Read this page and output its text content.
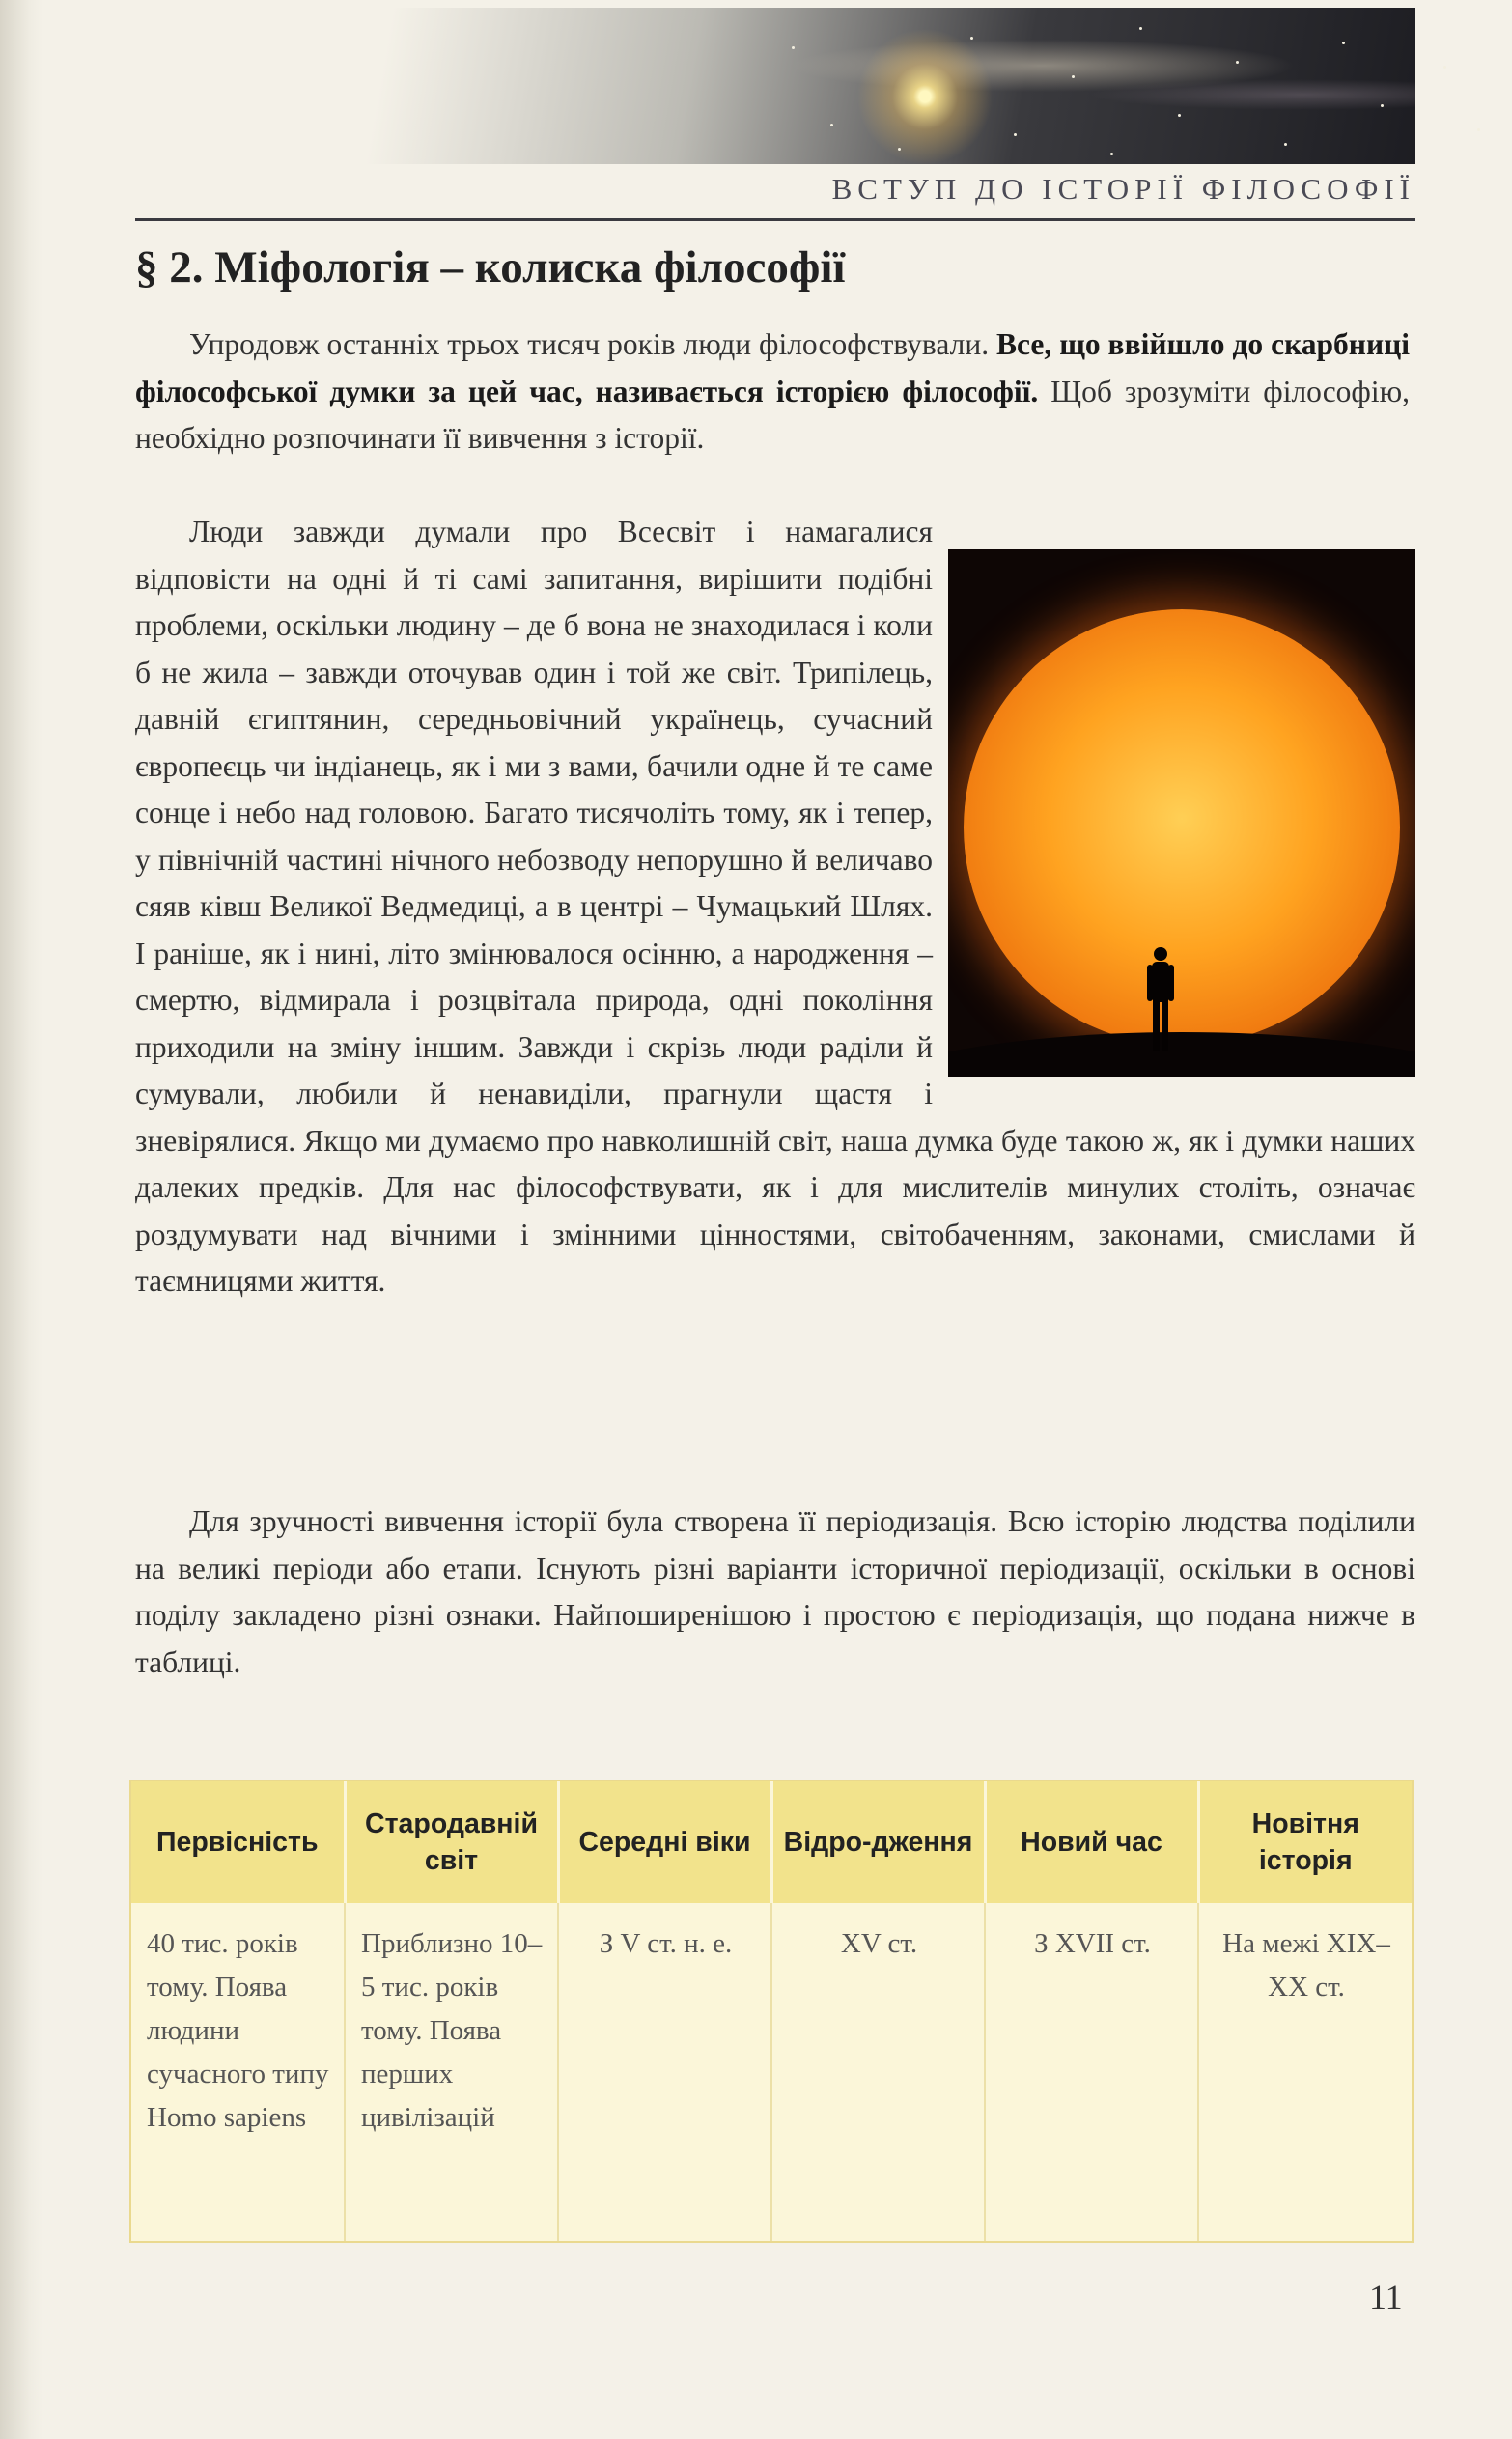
ВСТУП ДО ІСТОРІЇ ФІЛОСОФІЇ
§ 2. Міфологія – колиска філософії

Упродовж останніх трьох тисяч років люди філософствували. Все, що ввійшло до скарбниці філософської думки за цей час, називається історією філософії. Щоб зрозуміти філософію, необхідно розпочинати її вивчення з історії.

Люди завжди думали про Всесвіт і намагалися відповісти на одні й ті самі запитання, вирішити подібні проблеми, оскільки людину – де б вона не знаходилася і коли б не жила – завжди оточував один і той же світ. Трипілець, давній єгиптянин, середньовічний українець, сучасний європеєць чи індіанець, як і ми з вами, бачили одне й те саме сонце і небо над головою. Багато тисячоліть тому, як і тепер, у північній частині нічного небозводу непорушно й величаво сяяв ківш Великої Ведмедиці, а в центрі – Чумацький Шлях. І раніше, як і нині, літо змінювалося осінню, а народження – смертю, відмирала і розцвітала природа, одні покоління приходили на зміну іншим. Завжди і скрізь люди раділи й сумували, любили й ненавиділи, прагнули щастя і зневірялися. Якщо ми думаємо про навколишній світ, наша думка буде такою ж, як і думки наших далеких предків. Для нас філософствувати, як і для мислителів минулих століть, означає роздумувати над вічними і змінними цінностями, світобаченням, законами, смислами й таємницями життя.

Для зручності вивчення історії була створена її періодизація. Всю історію людства поділили на великі періоди або етапи. Існують різні варіанти історичної періодизації, оскільки в основі поділу закладено різні ознаки. Найпоширенішою і простою є періодизація, що подана нижче в таблиці.

Первісність	Стародавній світ	Середні віки	Відро-дження	Новий час	Новітня історія
40 тис. років тому. Поява людини сучасного типу Homo sapiens	Приблизно 10–5 тис. років тому. Поява перших цивілізацій	З V ст. н. е.	XV ст.	З XVII ст.	На межі XIX–XX ст.
11
